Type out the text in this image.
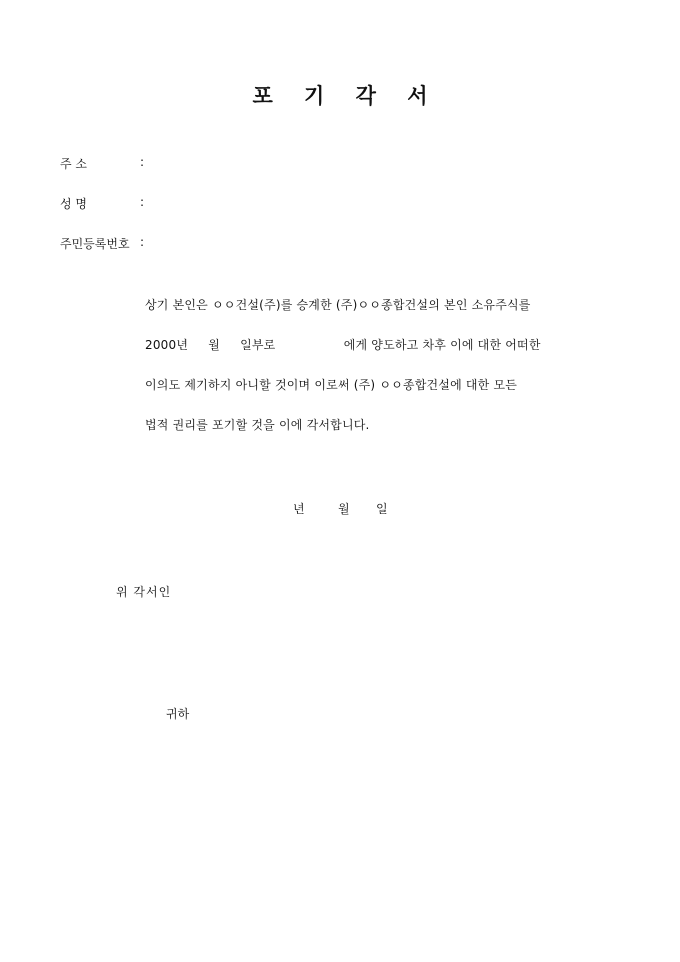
포 기 각 서
주 소	:
성 명	:
주민등록번호 :
상기 본인은 ㅇㅇ건설(주)를 승계한 (주)ㅇㅇ종합건설의 본인 소유주식를
2000년     월     일부로                 에게 양도하고 차후 이에 대한 어떠한
이의도 제기하지 아니할 것이며 이로써 (주) ㅇㅇ종합건설에 대한 모든
법적 권리를 포기할 것을 이에 각서합니다.
년	월 일
위 각서인
귀하
